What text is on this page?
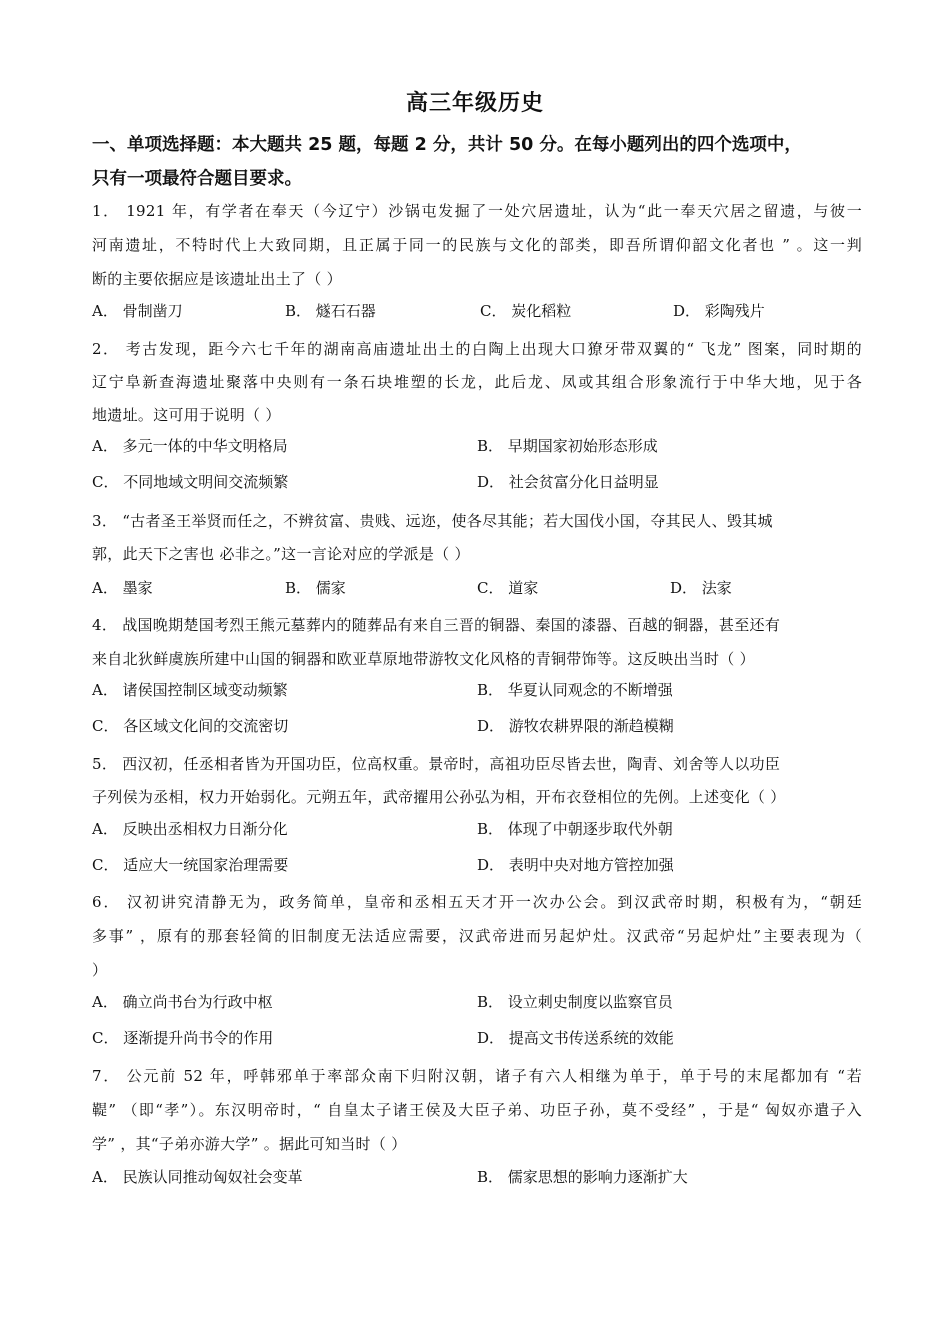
高三年级历史
一、单项选择题：本大题共 25 题，每题 2 分，共计 50 分。在每小题列出的四个选项中，
只有一项最符合题目要求。
1． 1921 年，有学者在奉天（今辽宁）沙锅屯发掘了一处穴居遗址，认为“此一奉天穴居之留遗，与彼一
河南遗址，不特时代上大致同期，且正属于同一的民族与文化的部类，即吾所谓仰韶文化者也 ” 。这一判
断的主要依据应是该遗址出土了（ ）
A． 骨制凿刀	B． 燧石石器	C． 炭化稻粒	D． 彩陶残片
2． 考古发现，距今六七千年的湖南高庙遗址出土的白陶上出现大口獠牙带双翼的“ 飞龙” 图案，同时期的
辽宁阜新查海遗址聚落中央则有一条石块堆塑的长龙，此后龙、凤或其组合形象流行于中华大地，见于各
地遗址。这可用于说明（ ）
A． 多元一体的中华文明格局	B． 早期国家初始形态形成
C． 不同地域文明间交流频繁	D． 社会贫富分化日益明显
3． “古者圣王举贤而任之，不辨贫富、贵贱、远迩，使各尽其能；若大国伐小国，夺其民人、毁其城
郭，此天下之害也 必非之。”这一言论对应的学派是（ ）
A． 墨家	B． 儒家	C． 道家	D． 法家
4． 战国晚期楚国考烈王熊元墓葬内的随葬品有来自三晋的铜器、秦国的漆器、百越的铜器，甚至还有
来自北狄鲜虞族所建中山国的铜器和欧亚草原地带游牧文化风格的青铜带饰等。这反映出当时（ ）
A． 诸侯国控制区域变动频繁	B． 华夏认同观念的不断增强
C． 各区域文化间的交流密切	D． 游牧农耕界限的渐趋模糊
5． 西汉初，任丞相者皆为开国功臣，位高权重。景帝时，高祖功臣尽皆去世，陶青、刘舍等人以功臣
子列侯为丞相，权力开始弱化。元朔五年，武帝擢用公孙弘为相，开布衣登相位的先例。上述变化（ ）
A． 反映出丞相权力日渐分化	B． 体现了中朝逐步取代外朝
C． 适应大一统国家治理需要	D． 表明中央对地方管控加强
6． 汉初讲究清静无为，政务简单，皇帝和丞相五天才开一次办公会。到汉武帝时期，积极有为，“朝廷
多事” ，原有的那套轻简的旧制度无法适应需要，汉武帝进而另起炉灶。汉武帝“另起炉灶”主要表现为（
）
A． 确立尚书台为行政中枢	B． 设立刺史制度以监察官员
C． 逐渐提升尚书令的作用	D． 提高文书传送系统的效能
7． 公元前 52 年，呼韩邪单于率部众南下归附汉朝，诸子有六人相继为单于，单于号的末尾都加有 “若
鞮” （即“孝”）。东汉明帝时，“ 自皇太子诸王侯及大臣子弟、功臣子孙，莫不受经” ，于是“ 匈奴亦遣子入
学” ，其“子弟亦游大学” 。据此可知当时（ ）
A． 民族认同推动匈奴社会变革	B． 儒家思想的影响力逐渐扩大
